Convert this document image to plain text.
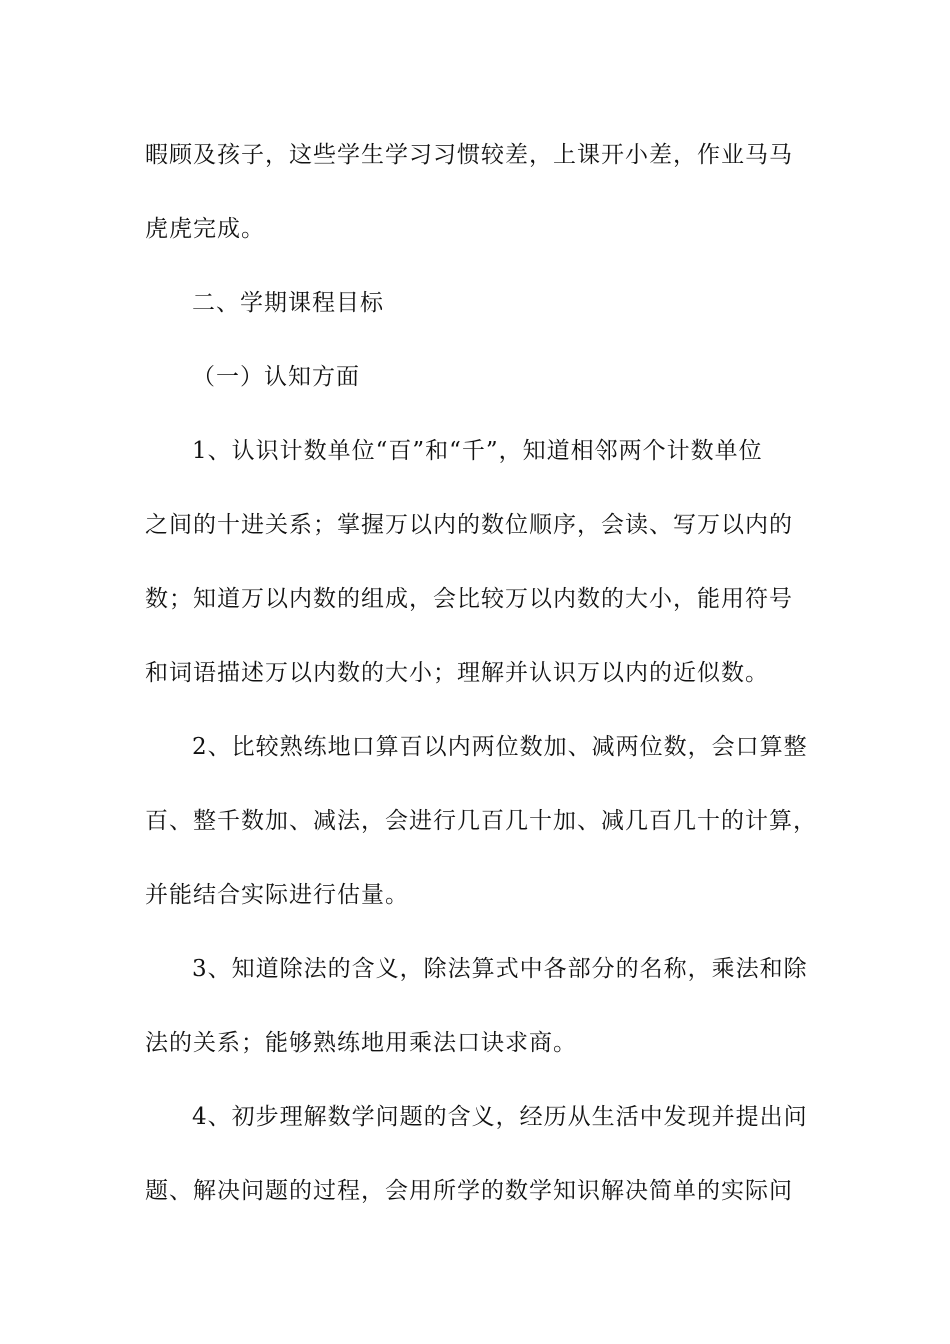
暇顾及孩子，这些学生学习习惯较差，上课开小差，作业马马
虎虎完成。
二、学期课程目标
（一）认知方面
1、认识计数单位“百”和“千”，知道相邻两个计数单位
之间的十进关系；掌握万以内的数位顺序，会读、写万以内的
数；知道万以内数的组成，会比较万以内数的大小，能用符号
和词语描述万以内数的大小；理解并认识万以内的近似数。
2、比较熟练地口算百以内两位数加、减两位数，会口算整
百、整千数加、减法，会进行几百几十加、减几百几十的计算，
并能结合实际进行估量。
3、知道除法的含义，除法算式中各部分的名称，乘法和除
法的关系；能够熟练地用乘法口诀求商。
4、初步理解数学问题的含义，经历从生活中发现并提出问
题、解决问题的过程，会用所学的数学知识解决简单的实际问
